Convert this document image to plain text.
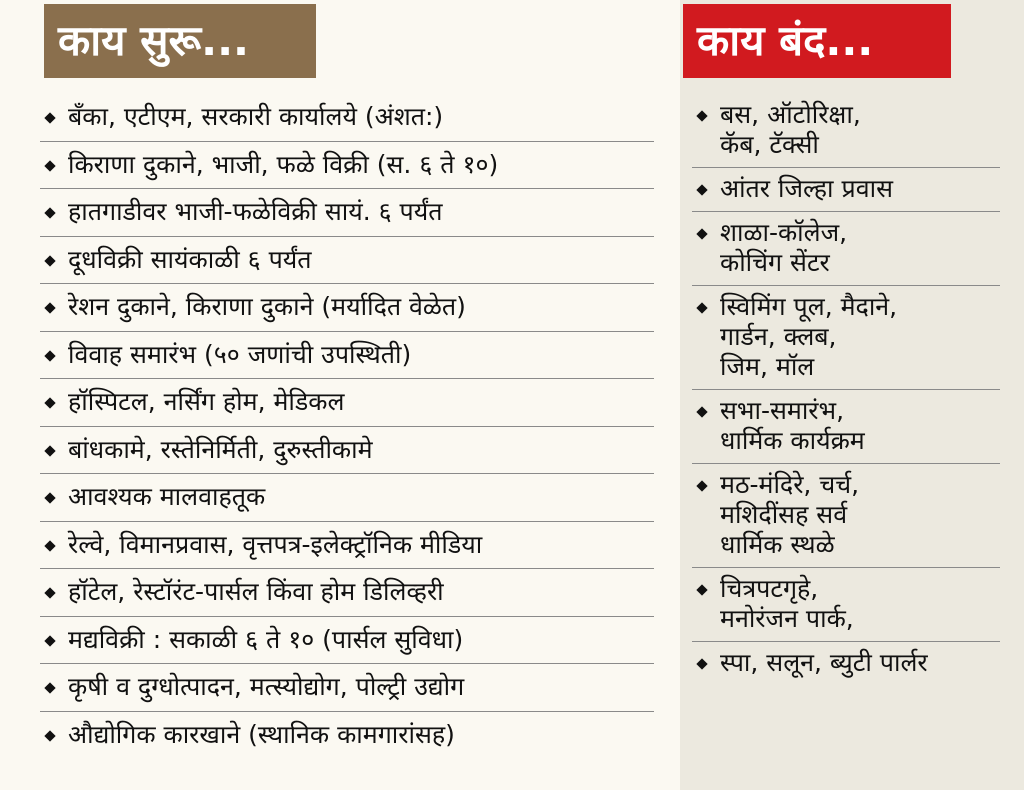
काय सुरू...	काय बंद...
बँका, एटीएम, सरकारी कार्यालये (अंशत:)
किराणा दुकाने, भाजी, फळे विक्री (स. ६ ते १०)
हातगाडीवर भाजी-फळेविक्री सायं. ६ पर्यंत
दूधविक्री सायंकाळी ६ पर्यंत
रेशन दुकाने, किराणा दुकाने (मर्यादित वेळेत)
विवाह समारंभ (५० जणांची उपस्थिती)
हॉस्पिटल, नर्सिंग होम, मेडिकल
बांधकामे, रस्तेनिर्मिती, दुरुस्तीकामे
आवश्यक मालवाहतूक
रेल्वे, विमानप्रवास, वृत्तपत्र-इलेक्ट्रॉनिक मीडिया
हॉटेल, रेस्टॉरंट-पार्सल किंवा होम डिलिव्हरी
मद्यविक्री : सकाळी ६ ते १० (पार्सल सुविधा)
कृषी व दुग्धोत्पादन, मत्स्योद्योग, पोल्ट्री उद्योग
औद्योगिक कारखाने (स्थानिक कामगारांसह)
बस, ऑटोरिक्षा,
कॅब, टॅक्सी
आंतर जिल्हा प्रवास
शाळा-कॉलेज,
कोचिंग सेंटर
स्विमिंग पूल, मैदाने,
गार्डन, क्लब,
जिम, मॉल
सभा-समारंभ,
धार्मिक कार्यक्रम
मठ-मंदिरे, चर्च,
मशिदींसह सर्व
धार्मिक स्थळे
चित्रपटगृहे,
मनोरंजन पार्क,
स्पा, सलून, ब्युटी पार्लर
